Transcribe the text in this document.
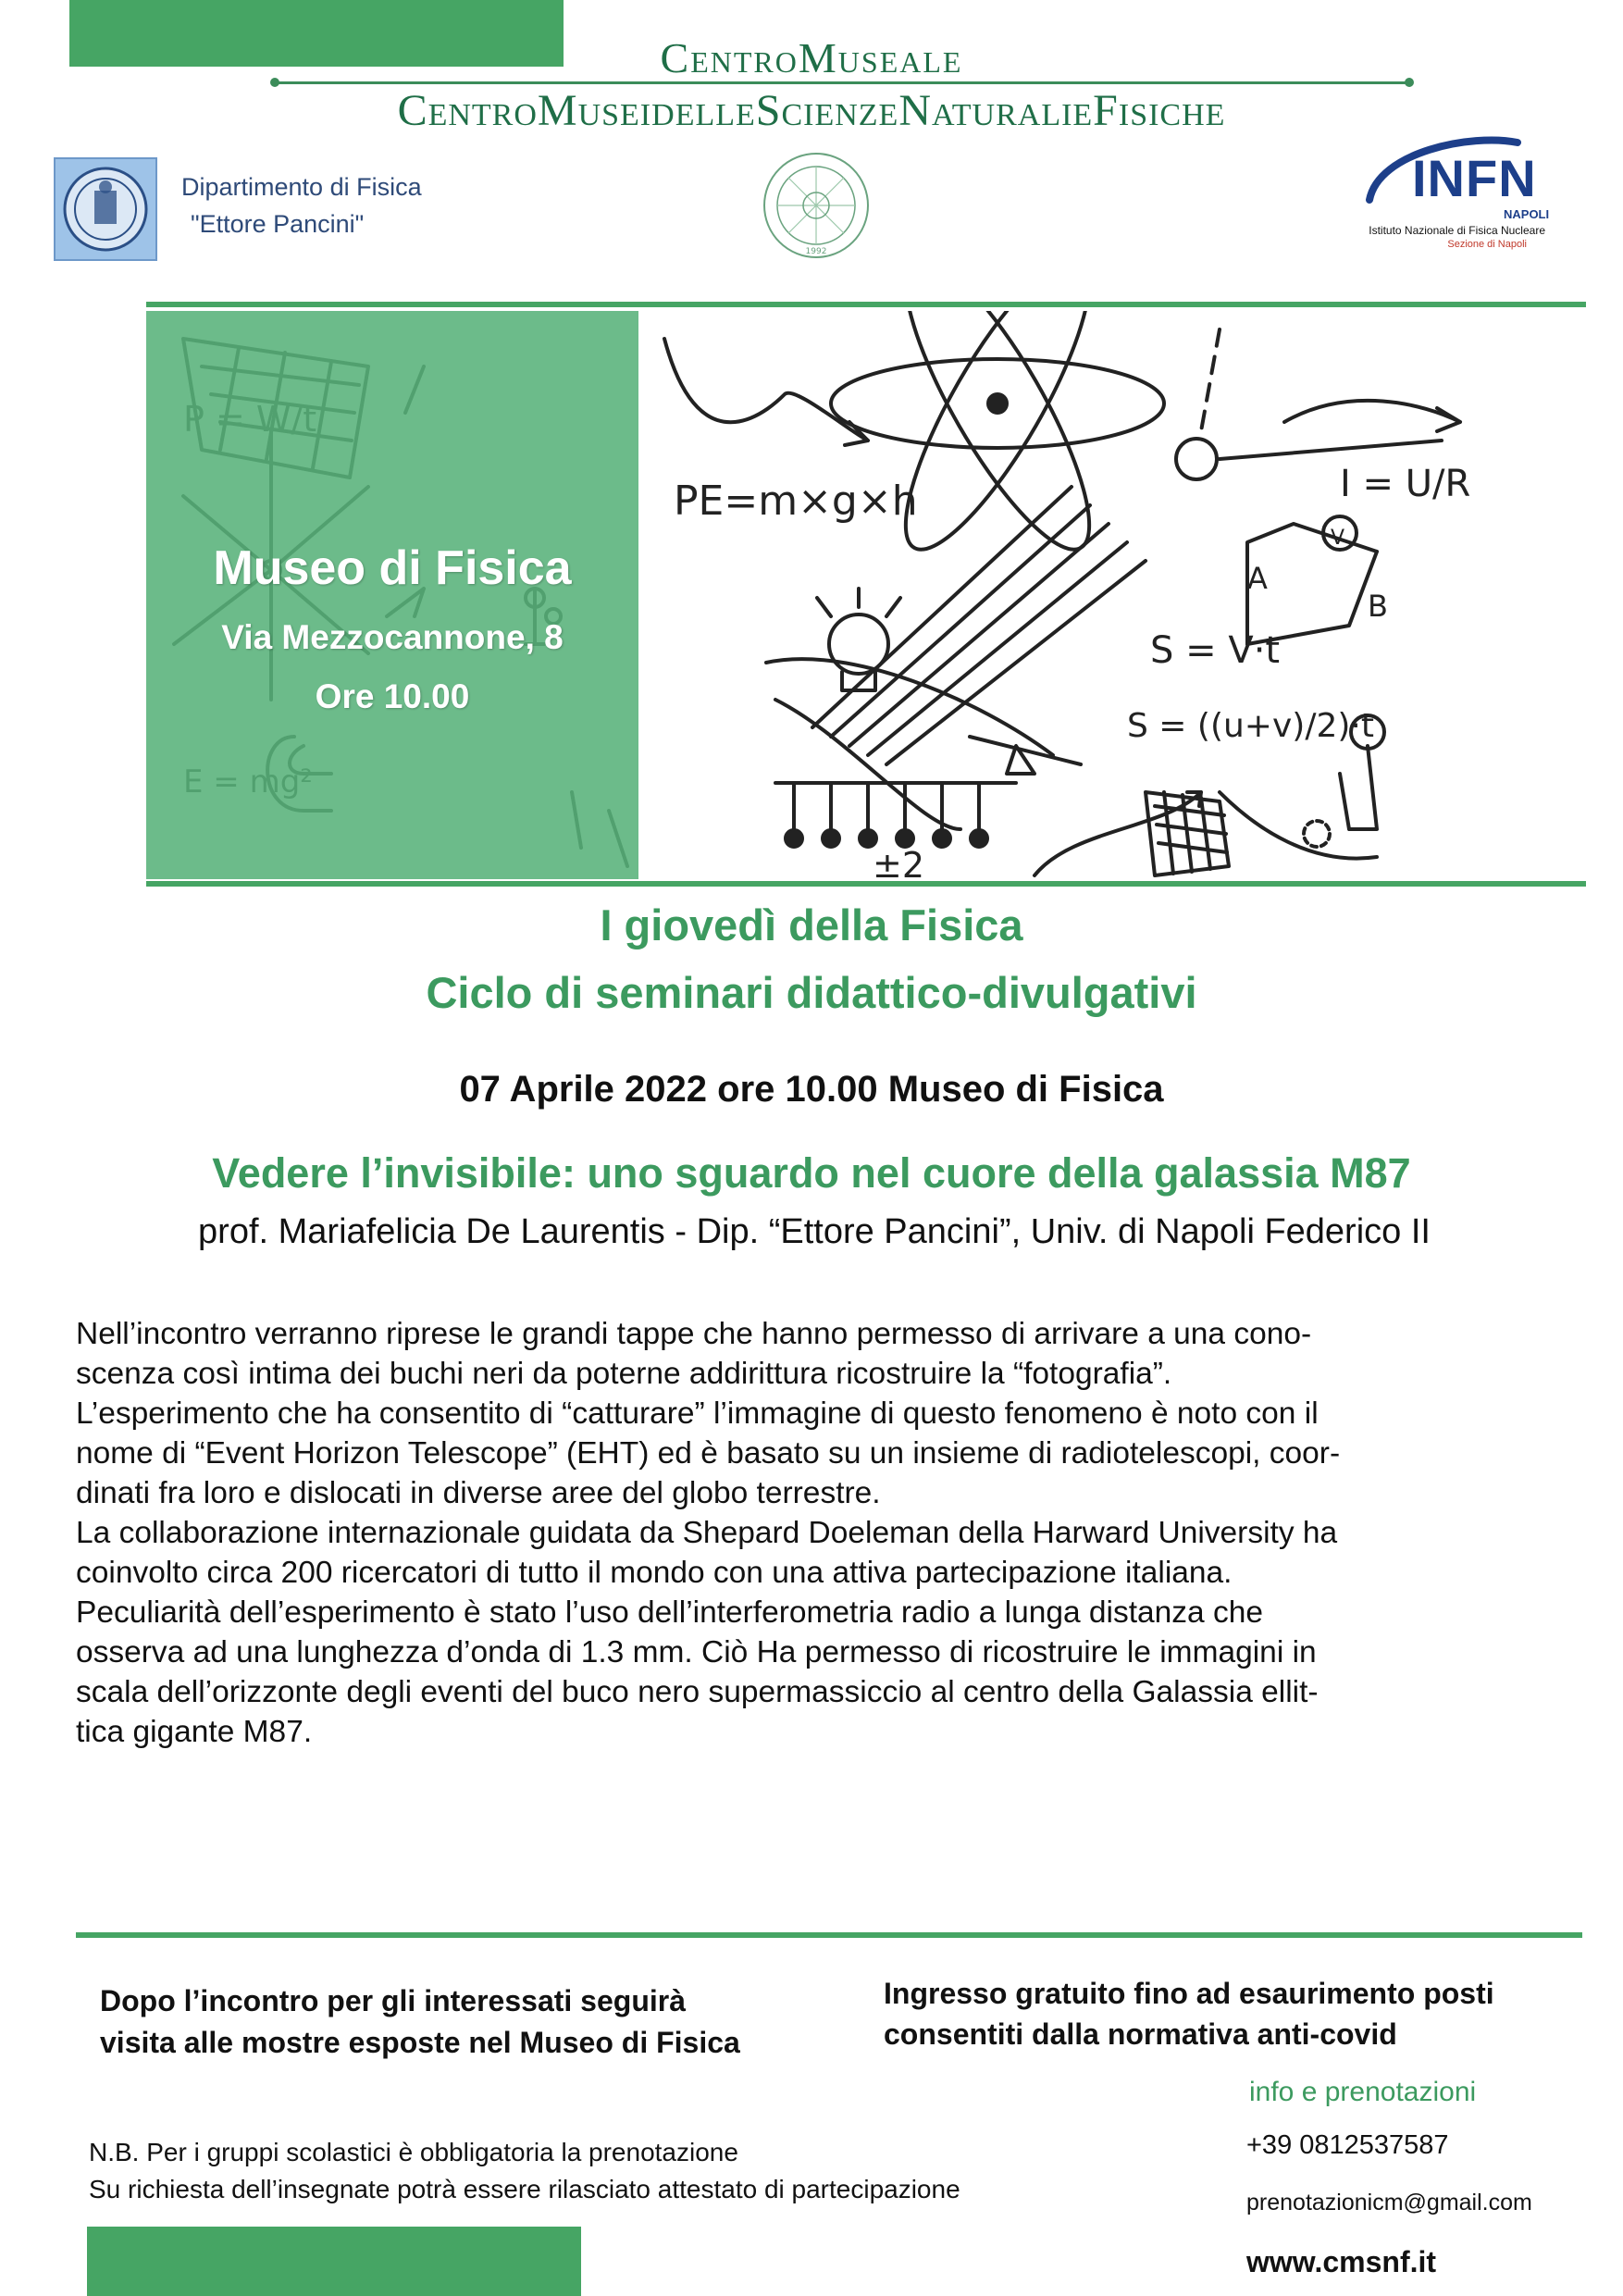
CentroMuseale
CentroMuseidelleScienzeNaturalieFisiche
Dipartimento di Fisica
"Ettore Pancini"
1992
INFN
NAPOLI
Istituto Nazionale di Fisica Nucleare
Sezione di Napoli
PE=m×g×h	I = U/R
S = V·t
S = ((u+v)/2)·t
A
B
V
±2
Museo di Fisica
Via Mezzocannone, 8
Ore 10.00
I giovedì della Fisica
Ciclo di seminari didattico-divulgativi
07 Aprile 2022 ore 10.00 Museo di Fisica
Vedere l’invisibile: uno sguardo nel cuore della galassia M87
prof. Mariafelicia De Laurentis - Dip. “Ettore Pancini”, Univ. di Napoli Federico II
Nell’incontro verranno riprese le grandi tappe che hanno permesso di arrivare a una cono-
scenza così intima dei buchi neri da poterne addirittura ricostruire la “fotografia”.
L’esperimento che ha consentito di “catturare” l’immagine di questo fenomeno è noto con il
nome di “Event Horizon Telescope” (EHT) ed è basato su un insieme di radiotelescopi, coor-
dinati fra loro e dislocati in diverse aree del globo terrestre.
La collaborazione internazionale guidata da Shepard Doeleman della Harward University ha
coinvolto circa 200 ricercatori di tutto il mondo con una attiva partecipazione italiana.
Peculiarità dell’esperimento è stato l’uso dell’interferometria radio a lunga distanza che
osserva ad una lunghezza d’onda di 1.3 mm. Ciò Ha permesso di ricostruire le immagini in
scala dell’orizzonte degli eventi del buco nero supermassiccio al centro della Galassia ellit-
tica gigante M87.
Dopo l’incontro per gli interessati seguirà
visita alle mostre esposte nel Museo di Fisica
Ingresso gratuito fino ad esaurimento posti
consentiti dalla normativa anti-covid
info e prenotazioni
+39 0812537587
prenotazionicm@gmail.com
www.cmsnf.it
N.B. Per i gruppi scolastici è obbligatoria la prenotazione
Su richiesta dell’insegnate potrà essere rilasciato attestato di partecipazione
